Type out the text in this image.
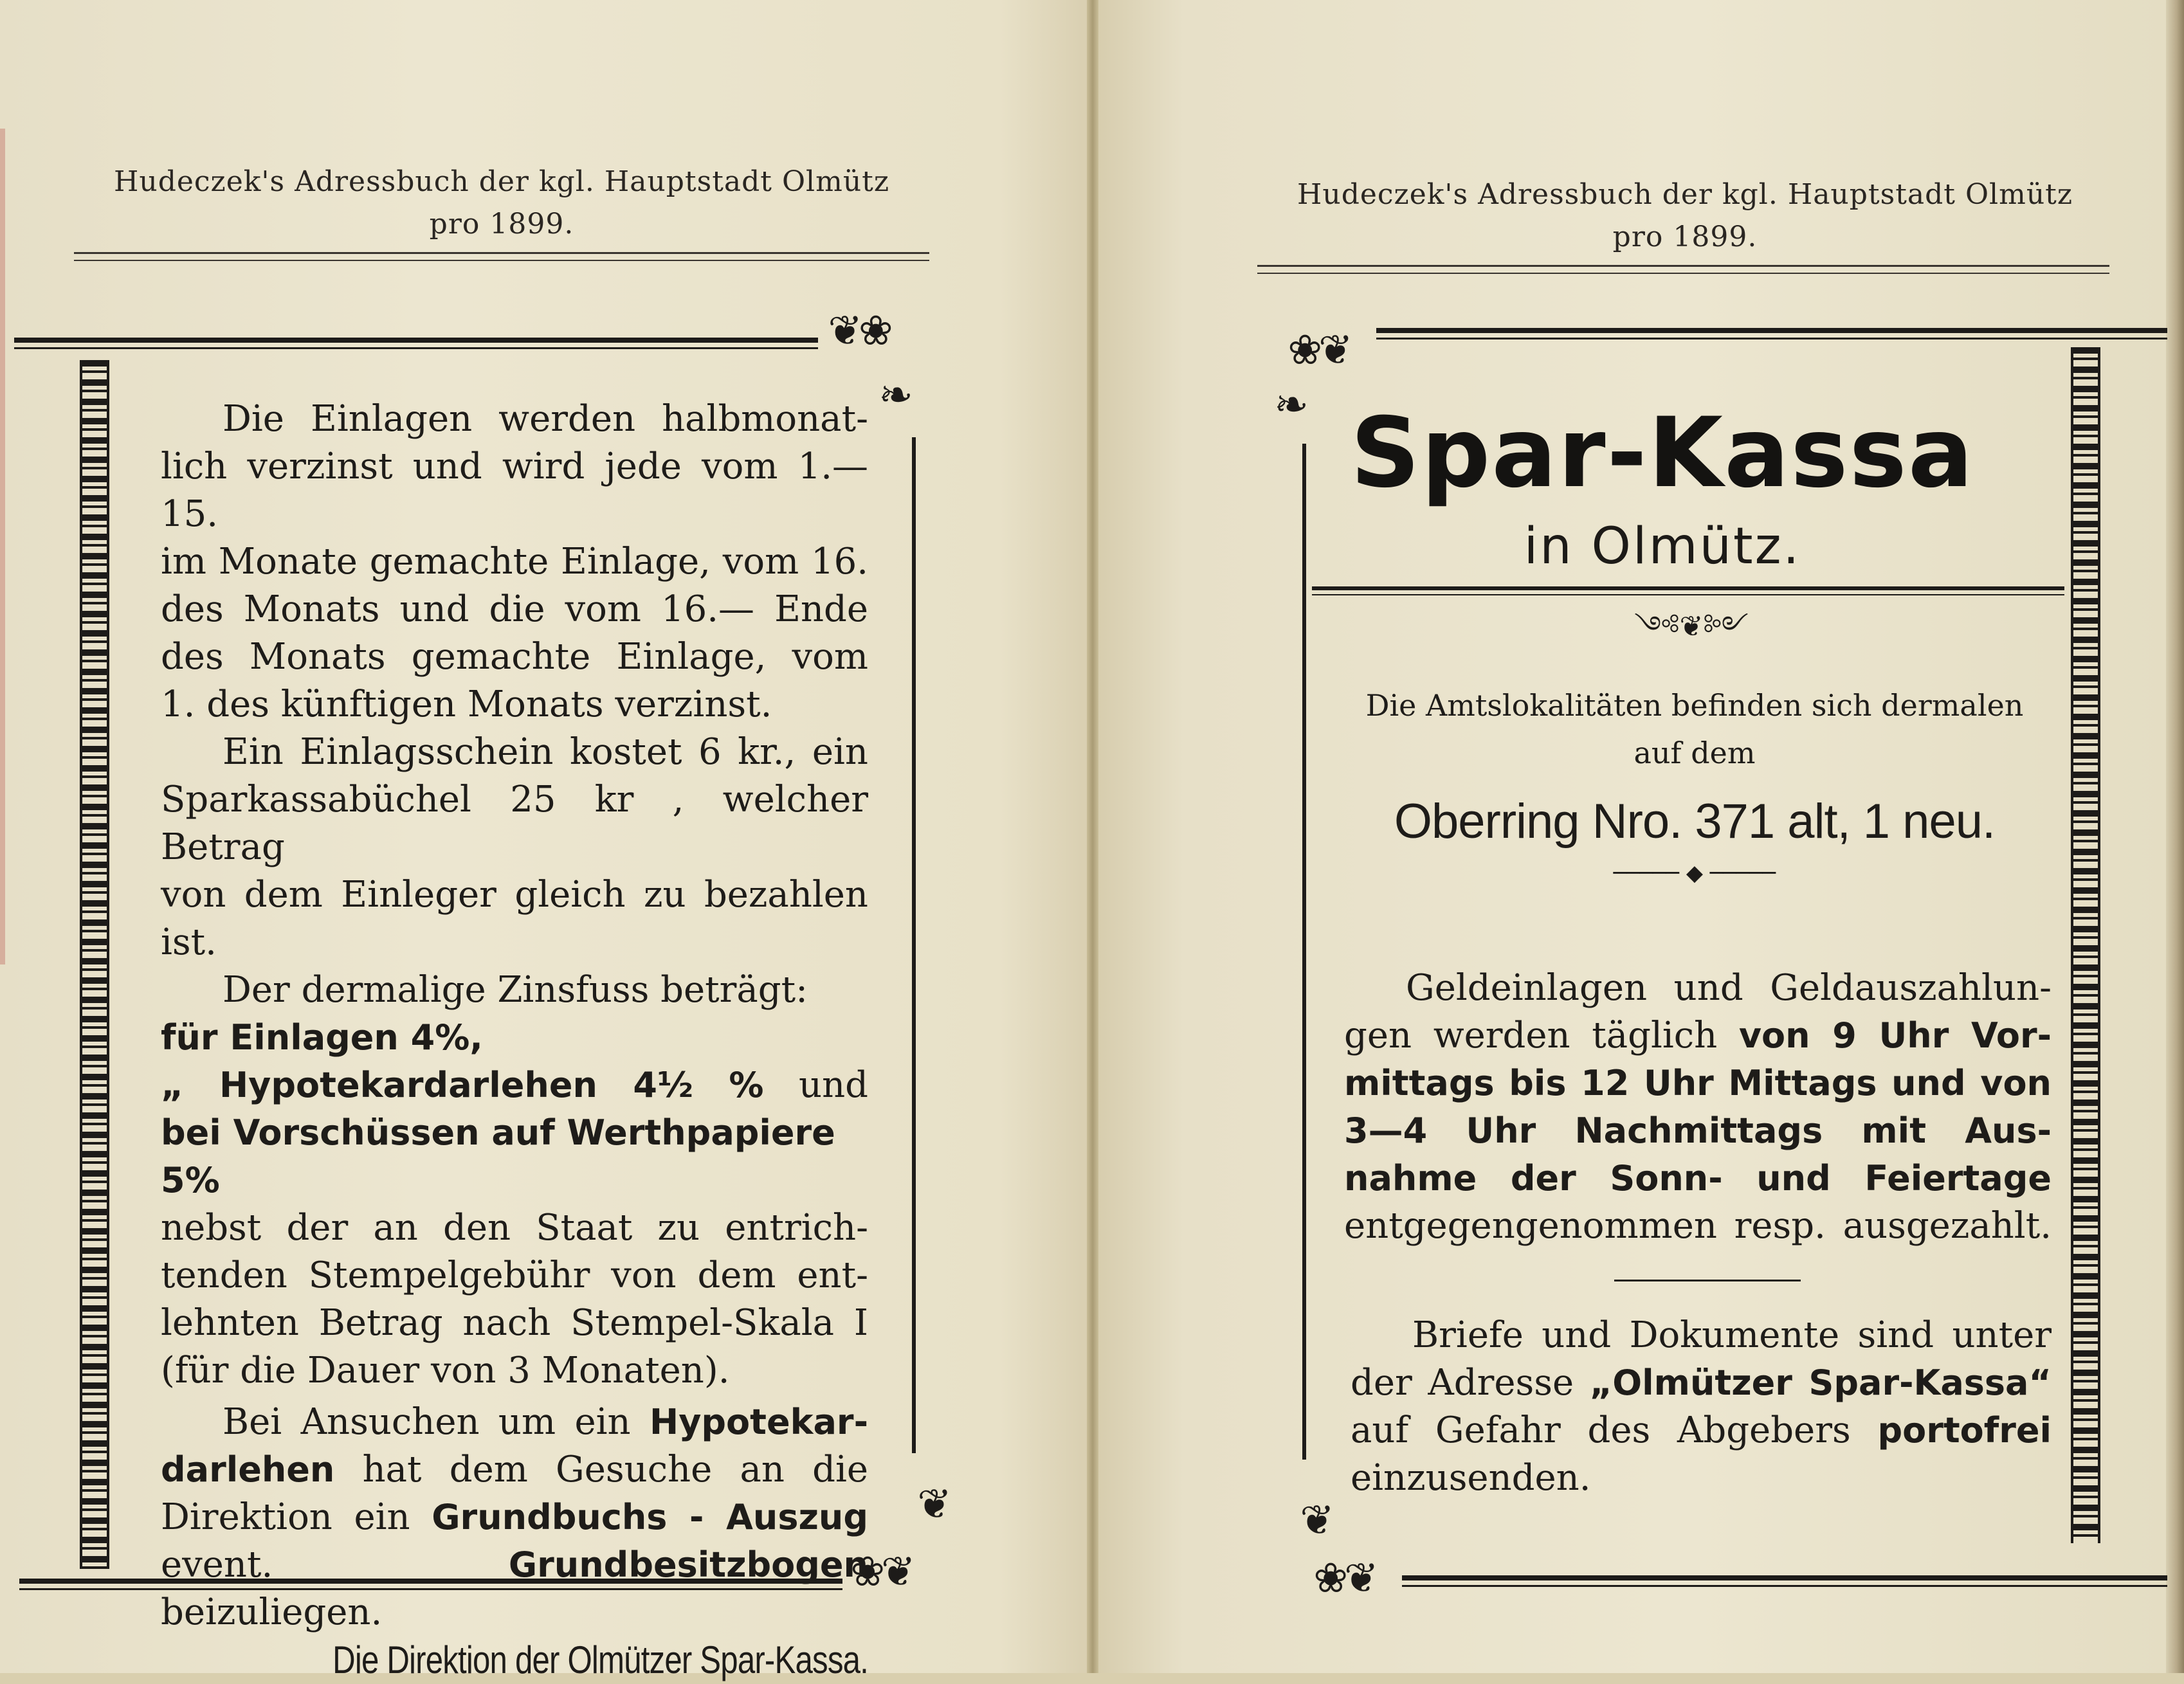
Hudeczek's Adressbuch der kgl. Hauptstadt Olmütz
pro 1899.
❦❀
❧
❦
❀❦

Die Einlagen werden halbmonat-

lich verzinst und wird jede vom 1.—15.

im Monate gemachte Einlage, vom 16.

des Monats und die vom 16.— Ende

des Monats gemachte Einlage, vom

1. des künftigen Monats verzinst.

Ein Einlagsschein kostet 6 kr., ein

Sparkassabüchel 25 kr , welcher Betrag

von dem Einleger gleich zu bezahlen ist.

Der dermalige Zinsfuss beträgt:

für Einlagen 4%,

„ Hypotekardarlehen 4½ % und

bei Vorschüssen auf Werthpapiere 5%

nebst der an den Staat zu entrich-

tenden Stempelgebühr von dem ent-

lehnten Betrag nach Stempel-Skala I

(für die Dauer von 3 Monaten).

Bei Ansuchen um ein Hypotekar-

darlehen hat dem Gesuche an die

Direktion ein Grundbuchs - Auszug

event.	Grundbesitzbogen beizuliegen.

Die Direktion der Olmützer Spar-Kassa.

Hudeczek's Adressbuch der kgl. Hauptstadt Olmütz
pro 1899.
❀❦
❧
❦
❀❦
Spar-Kassa
in Olmütz.
༺❦༻

Die Amtslokalitäten befinden sich dermalen

auf dem

Oberring Nro. 371 alt, 1 neu.

───── ◆ ─────

Geldeinlagen und Geldauszahlun-

gen werden täglich von 9 Uhr Vor-

mittags bis 12 Uhr Mittags und von

3—4 Uhr Nachmittags mit Aus-

nahme der Sonn- und Feiertage

entgegengenommen resp. ausgezahlt.

Briefe und Dokumente sind unter

der Adresse „Olmützer Spar-Kassa“

auf Gefahr des Abgebers portofrei

einzusenden.
